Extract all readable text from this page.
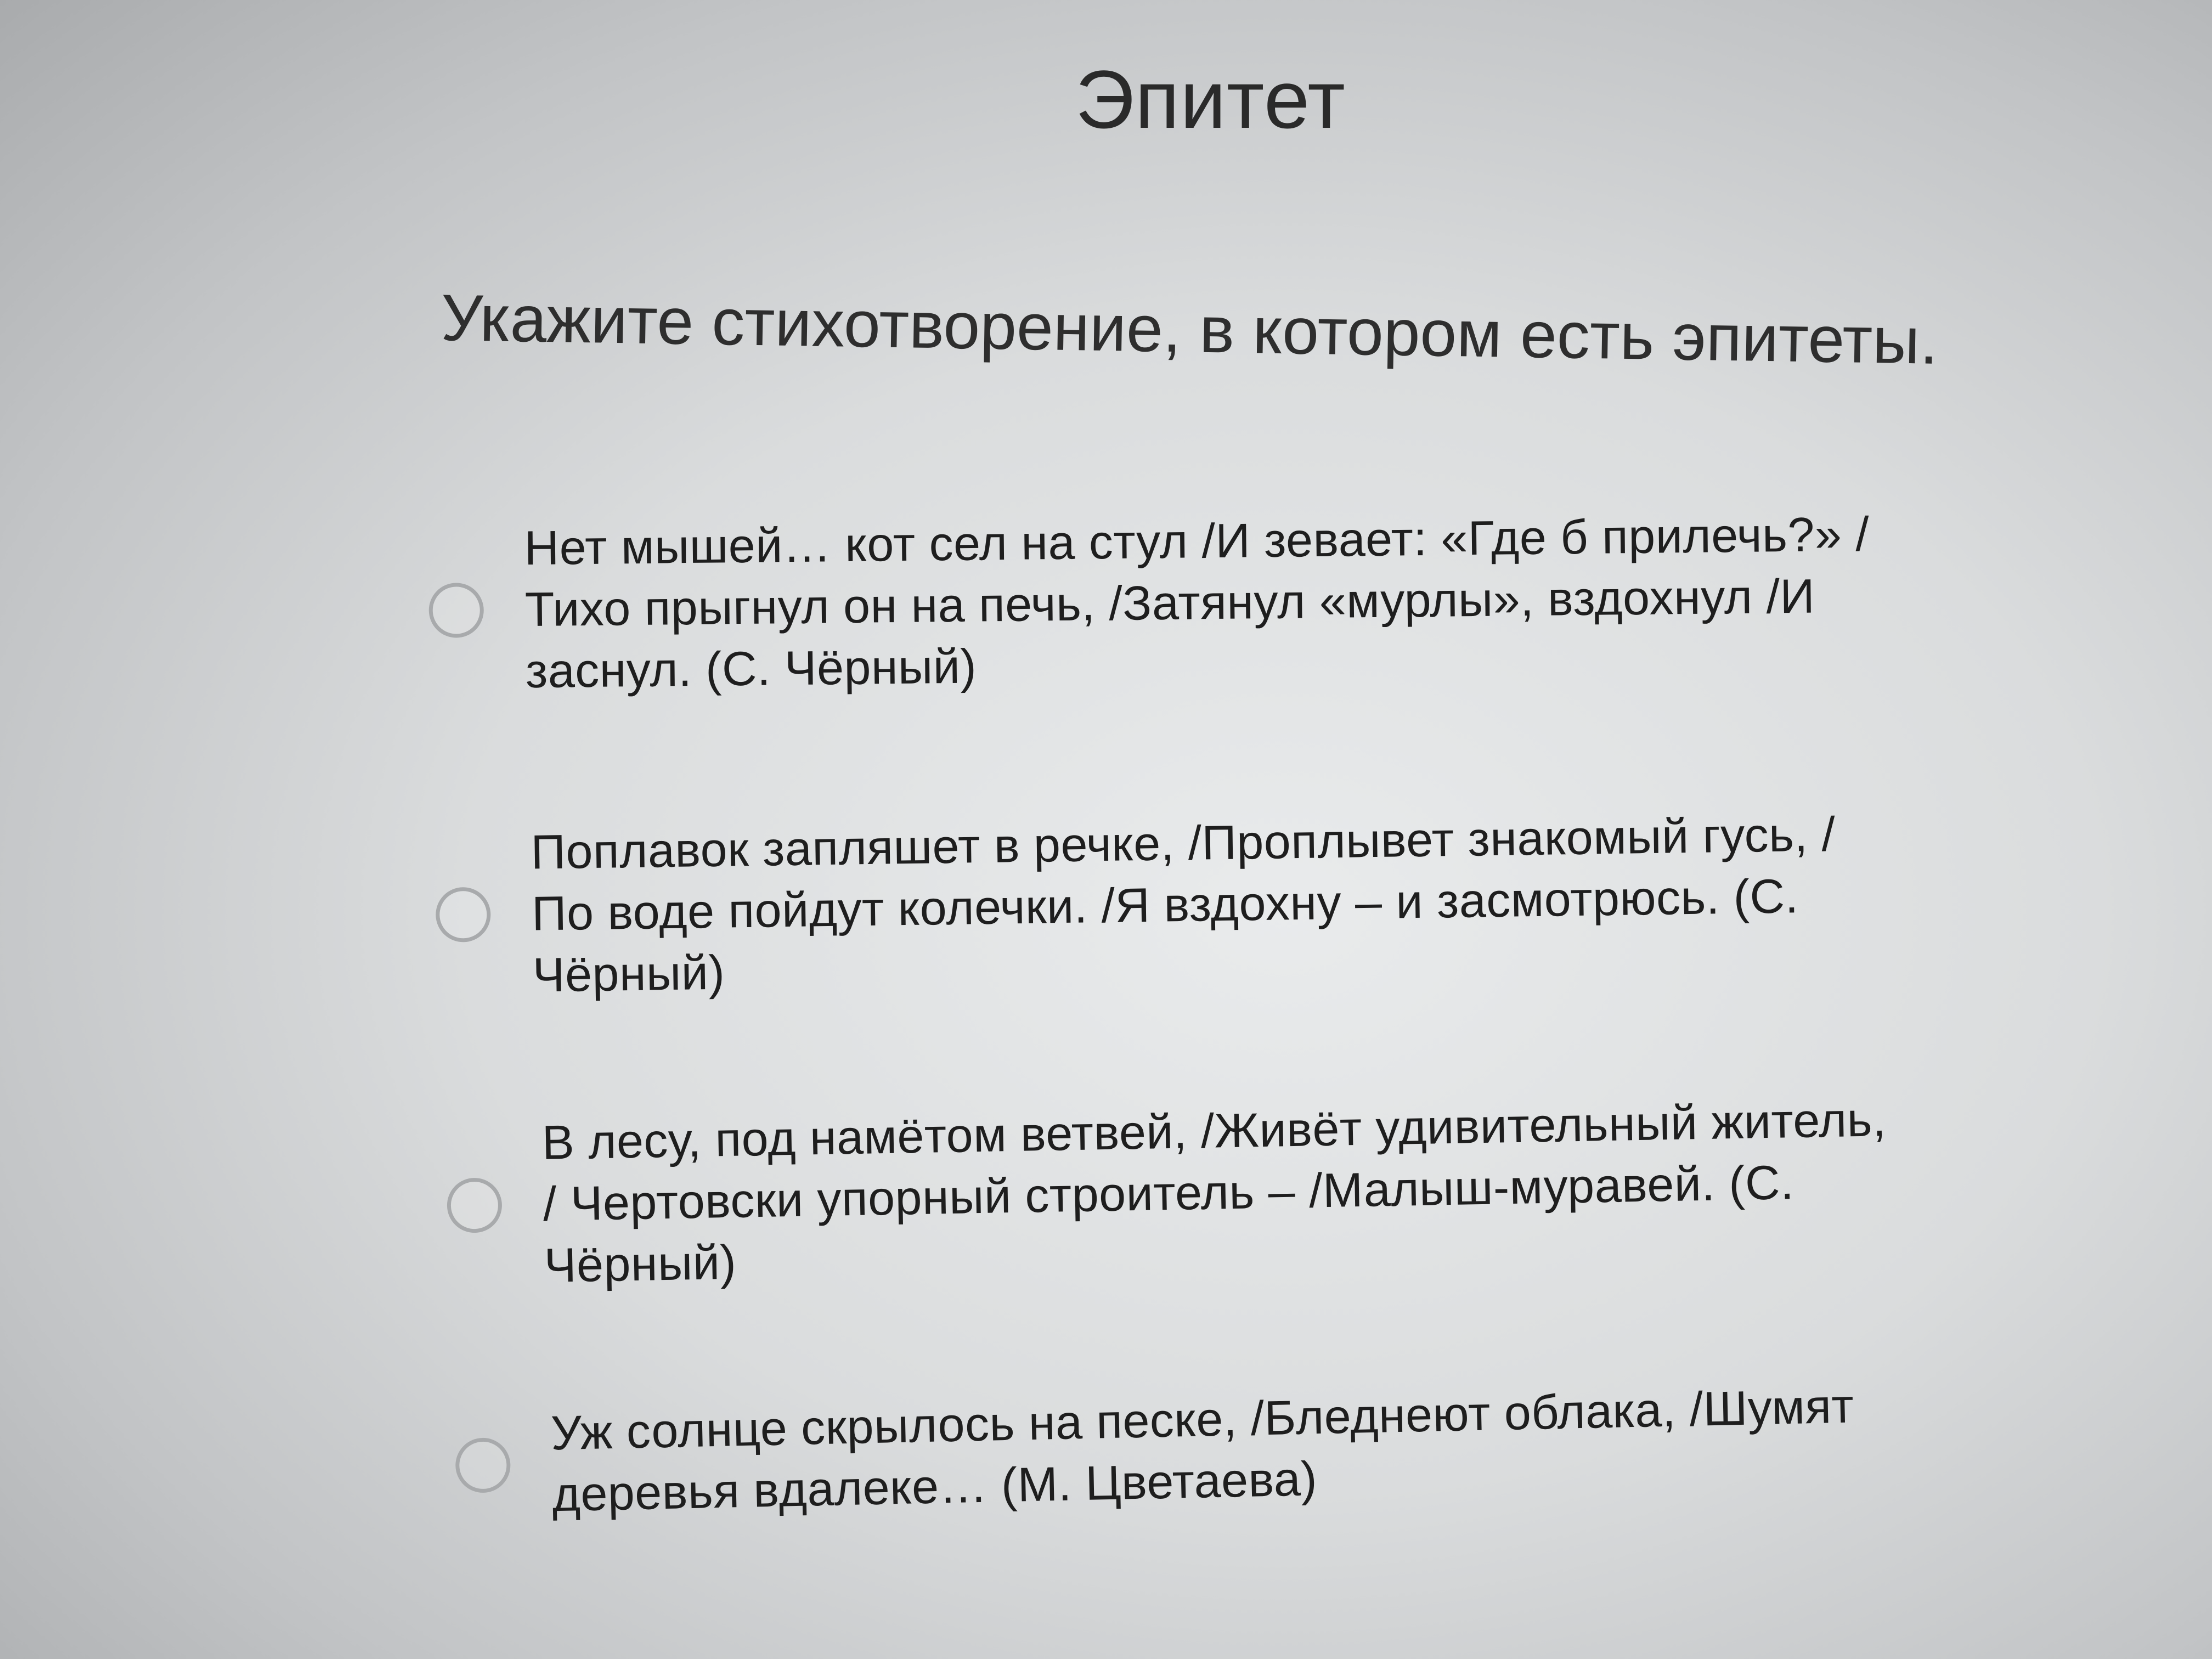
Эпитет
Укажите стихотворение, в котором есть эпитеты.
Нет мышей… кот сел на стул /И зевает: «Где б прилечь?» / Тихо прыгнул он на печь, /Затянул «мурлы», вздохнул /И заснул. (С. Чёрный)
Поплавок запляшет в речке, /Проплывет знакомый гусь, / По воде пойдут колечки. /Я вздохну – и засмотрюсь. (С. Чёрный)
В лесу, под намётом ветвей, /Живёт удивительный житель, / Чертовски упорный строитель – /Малыш-муравей. (С. Чёрный)
Уж солнце скрылось на песке, /Бледнеют облака, /Шумят деревья вдалеке… (М. Цветаева)
